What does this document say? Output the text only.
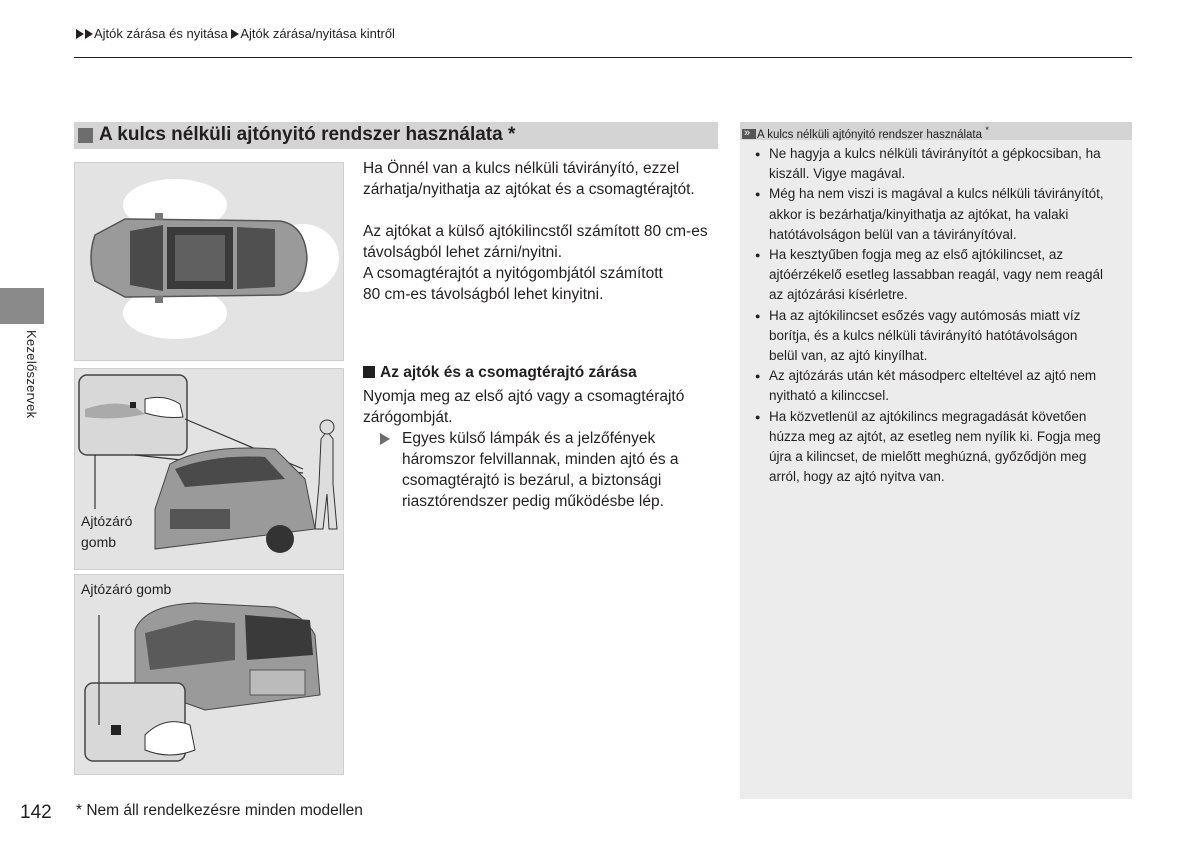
Ajtók zárása és nyitása Ajtók zárása/nyitása kintről
Kezelőszervek
A kulcs nélküli ajtónyitó rendszer használata *
Ajtózáró
gomb
Ajtózáró gomb
Ha Önnél van a kulcs nélküli távirányító, ezzel
zárhatja/nyithatja az ajtókat és a csomagtérajtót.
Az ajtókat a külső ajtókilincstől számított 80 cm-es
távolságból lehet zárni/nyitni.
A csomagtérajtót a nyitógombjától számított
80 cm-es távolságból lehet kinyitni.
Az ajtók és a csomagtérajtó zárása
Nyomja meg az első ajtó vagy a csomagtérajtó
zárógombját.
Egyes külső lámpák és a jelzőfények
háromszor felvillannak, minden ajtó és a
csomagtérajtó is bezárul, a biztonsági
riasztórendszer pedig működésbe lép.
»A kulcs nélküli ajtónyitó rendszer használata *
● Ne hagyja a kulcs nélküli távirányítót a gépkocsiban, ha
kiszáll. Vigye magával.
● Még ha nem viszi is magával a kulcs nélküli távirányítót,
akkor is bezárhatja/kinyithatja az ajtókat, ha valaki
hatótávolságon belül van a távirányítóval.
● Ha kesztyűben fogja meg az első ajtókilincset, az
ajtóérzékelő esetleg lassabban reagál, vagy nem reagál
az ajtózárási kísérletre.
● Ha az ajtókilincset esőzés vagy autómosás miatt víz
borítja, és a kulcs nélküli távirányító hatótávolságon
belül van, az ajtó kinyílhat.
● Az ajtózárás után két másodperc elteltével az ajtó nem
nyitható a kilinccsel.
● Ha közvetlenül az ajtókilincs megragadását követően
húzza meg az ajtót, az esetleg nem nyílik ki. Fogja meg
újra a kilincset, de mielőtt meghúzná, győződjön meg
arról, hogy az ajtó nyitva van.
142 * Nem áll rendelkezésre minden modellen
